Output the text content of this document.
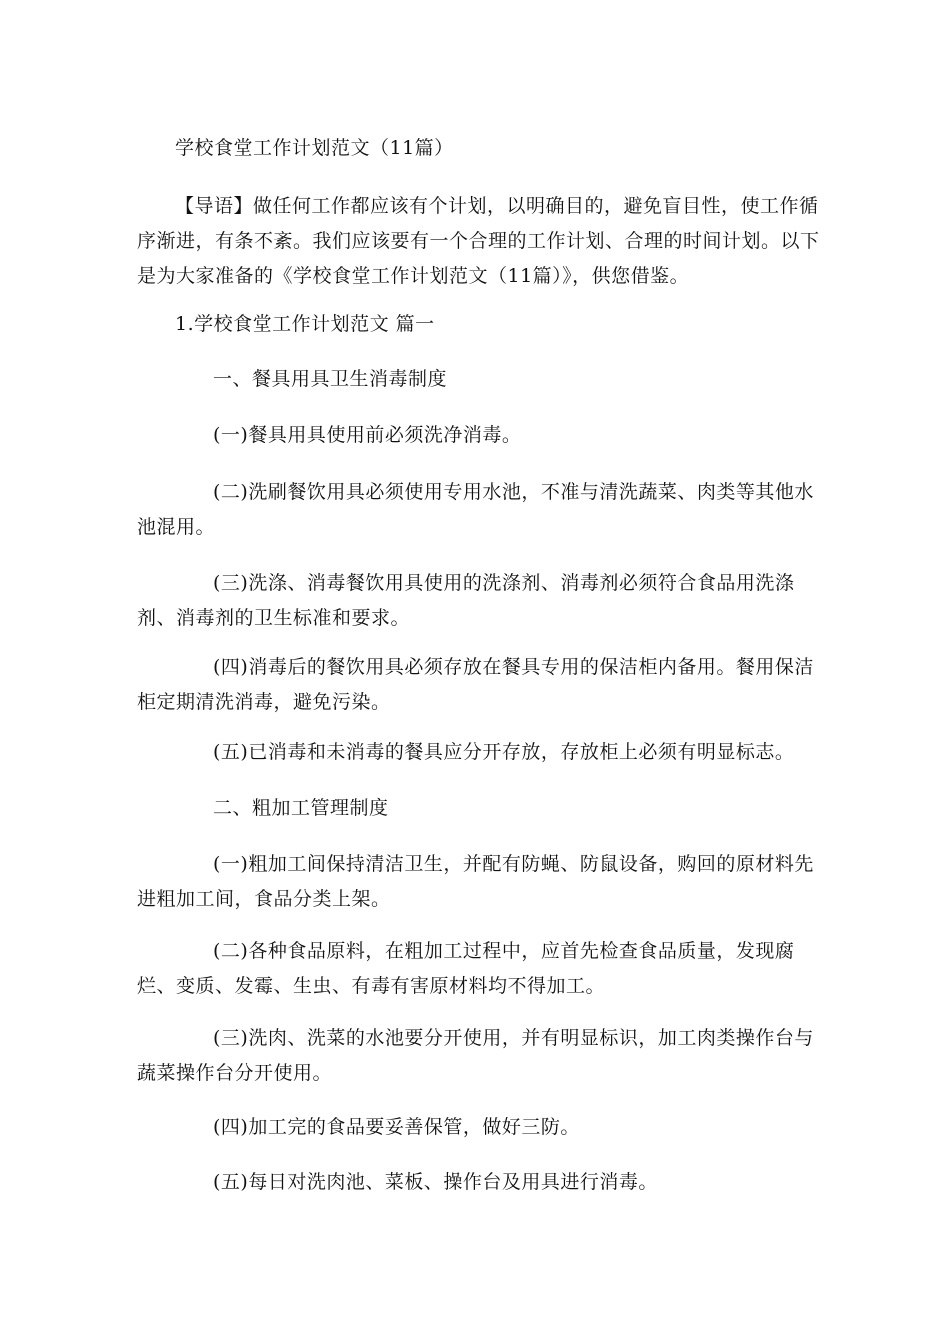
学校食堂工作计划范文（11篇）

【导语】做任何工作都应该有个计划，以明确目的，避免盲目性，使工作循序渐进，有条不紊。我们应该要有一个合理的工作计划、合理的时间计划。以下是为大家准备的《学校食堂工作计划范文（11篇）》，供您借鉴。

1.学校食堂工作计划范文 篇一

一、餐具用具卫生消毒制度

(一)餐具用具使用前必须洗净消毒。

(二)洗刷餐饮用具必须使用专用水池，不准与清洗蔬菜、肉类等其他水池混用。

(三)洗涤、消毒餐饮用具使用的洗涤剂、消毒剂必须符合食品用洗涤剂、消毒剂的卫生标准和要求。

(四)消毒后的餐饮用具必须存放在餐具专用的保洁柜内备用。餐用保洁柜定期清洗消毒，避免污染。

(五)已消毒和未消毒的餐具应分开存放，存放柜上必须有明显标志。

二、粗加工管理制度

(一)粗加工间保持清洁卫生，并配有防蝇、防鼠设备，购回的原材料先进粗加工间，食品分类上架。

(二)各种食品原料，在粗加工过程中，应首先检查食品质量，发现腐烂、变质、发霉、生虫、有毒有害原材料均不得加工。

(三)洗肉、洗菜的水池要分开使用，并有明显标识，加工肉类操作台与蔬菜操作台分开使用。

(四)加工完的食品要妥善保管，做好三防。

(五)每日对洗肉池、菜板、操作台及用具进行消毒。
